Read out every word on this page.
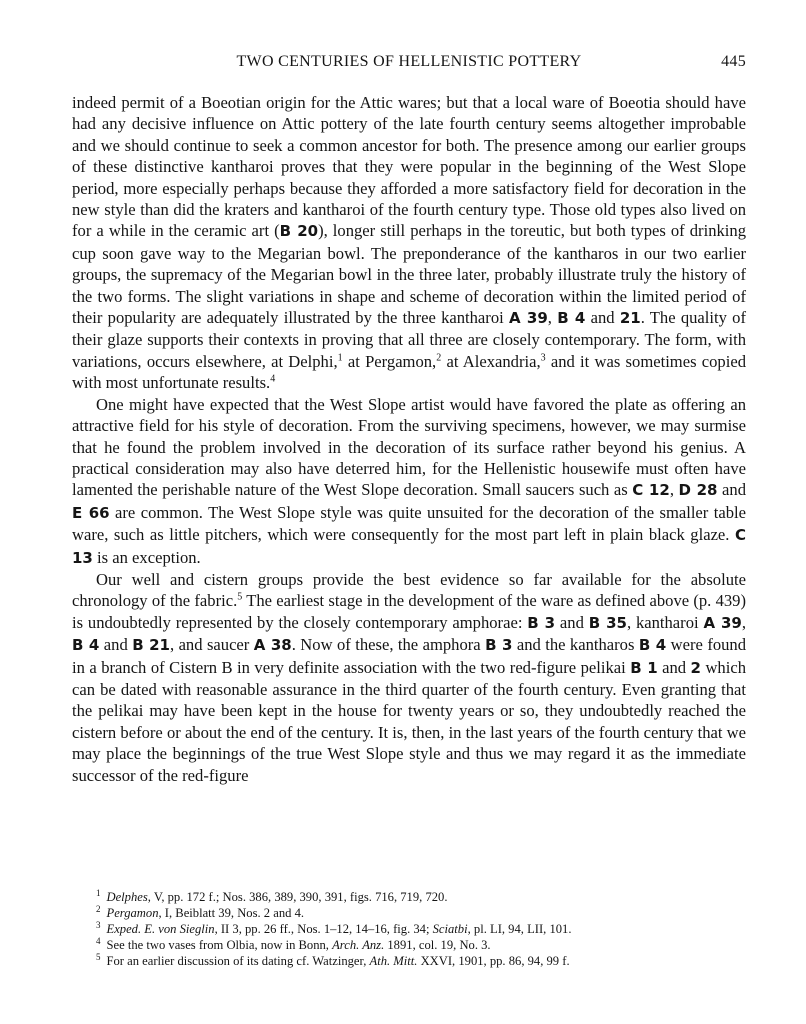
TWO CENTURIES OF HELLENISTIC POTTERY	445

indeed permit of a Boeotian origin for the Attic wares; but that a local ware of Boeotia should have had any decisive influence on Attic pottery of the late fourth century seems altogether improbable and we should continue to seek a common ancestor for both. The presence among our earlier groups of these distinctive kantharoi proves that they were popular in the beginning of the West Slope period, more especially perhaps because they afforded a more satisfactory field for decoration in the new style than did the kraters and kantharoi of the fourth century type. Those old types also lived on for a while in the ceramic art (B 20), longer still perhaps in the toreutic, but both types of drinking cup soon gave way to the Megarian bowl. The preponderance of the kantharos in our two earlier groups, the supremacy of the Megarian bowl in the three later, probably illustrate truly the history of the two forms. The slight variations in shape and scheme of decoration within the limited period of their popularity are adequately illustrated by the three kantharoi A 39, B 4 and 21. The quality of their glaze supports their contexts in proving that all three are closely contemporary. The form, with variations, occurs elsewhere, at Delphi,$^1$ at Pergamon,$^2$ at Alexandria,$^3$ and it was sometimes copied with most unfortunate results.$^4$

One might have expected that the West Slope artist would have favored the plate as offering an attractive field for his style of decoration. From the surviving specimens, however, we may surmise that he found the problem involved in the decoration of its surface rather beyond his genius. A practical consideration may also have deterred him, for the Hellenistic housewife must often have lamented the perishable nature of the West Slope decoration. Small saucers such as C 12, D 28 and E 66 are common. The West Slope style was quite unsuited for the decoration of the smaller table ware, such as little pitchers, which were consequently for the most part left in plain black glaze. C 13 is an exception.

Our well and cistern groups provide the best evidence so far available for the absolute chronology of the fabric.$^5$ The earliest stage in the development of the ware as defined above (p. 439) is undoubtedly represented by the closely contemporary amphorae: B 3 and B 35, kantharoi A 39, B 4 and B 21, and saucer A 38. Now of these, the amphora B 3 and the kantharos B 4 were found in a branch of Cistern B in very definite association with the two red-figure pelikai B 1 and 2 which can be dated with reasonable assurance in the third quarter of the fourth century. Even granting that the pelikai may have been kept in the house for twenty years or so, they undoubtedly reached the cistern before or about the end of the century. It is, then, in the last years of the fourth century that we may place the beginnings of the true West Slope style and thus we may regard it as the immediate successor of the red-figure

$^1$ Delphes, V, pp. 172 f.; Nos. 386, 389, 390, 391, figs. 716, 719, 720.
$^2$ Pergamon, I, Beiblatt 39, Nos. 2 and 4.
$^3$ Exped. E. von Sieglin, II 3, pp. 26 ff., Nos. 1–12, 14–16, fig. 34; Sciatbi, pl. LI, 94, LII, 101.
$^4$ See the two vases from Olbia, now in Bonn, Arch. Anz. 1891, col. 19, No. 3.
$^5$ For an earlier discussion of its dating cf. Watzinger, Ath. Mitt. XXVI, 1901, pp. 86, 94, 99 f.
